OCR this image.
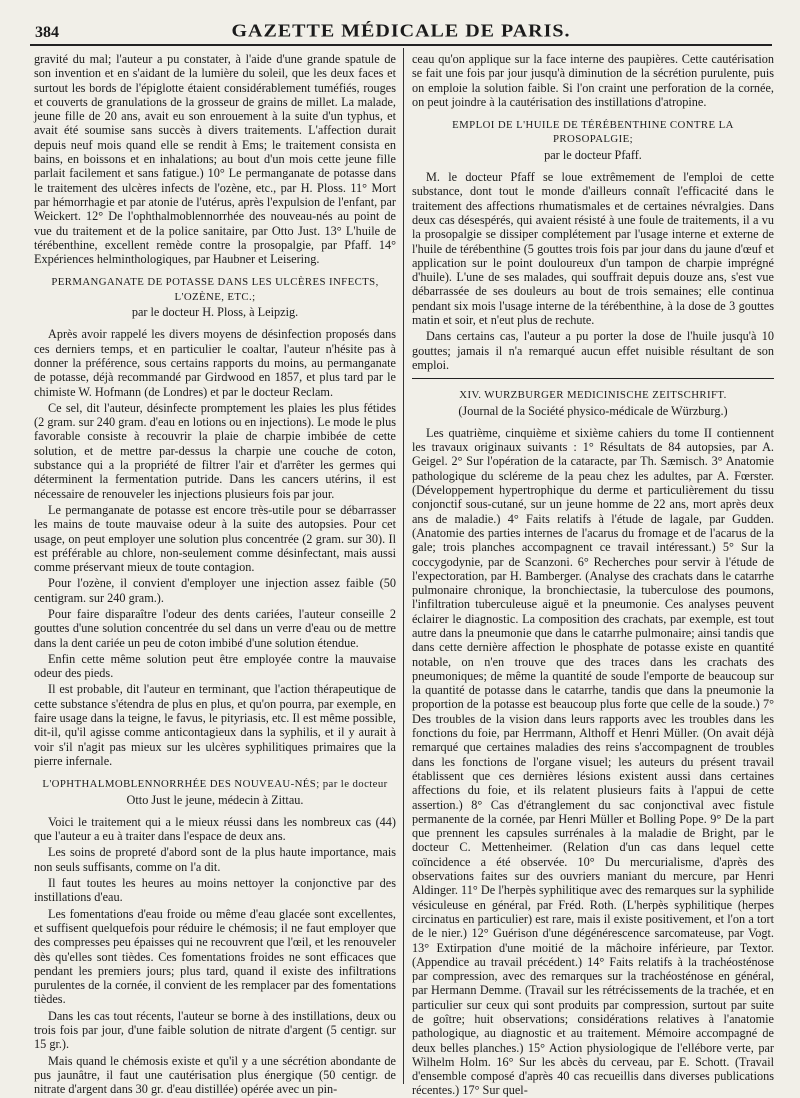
384	GAZETTE MÉDICALE DE PARIS.

gravité du mal; l'auteur a pu constater, à l'aide d'une grande spatule de son invention et en s'aidant de la lumière du soleil, que les deux faces et surtout les bords de l'épiglotte étaient considérablement tuméfiés, rouges et couverts de granulations de la grosseur de grains de millet. La malade, jeune fille de 20 ans, avait eu son enrouement à la suite d'un typhus, et avait été soumise sans succès à divers traitements. L'affection durait depuis neuf mois quand elle se rendit à Ems; le traitement consista en bains, en boissons et en inhalations; au bout d'un mois cette jeune fille parlait facilement et sans fatigue.) 10° Le permanganate de potasse dans le traitement des ulcères infects de l'ozène, etc., par H. Ploss. 11° Mort par hémorrhagie et par atonie de l'utérus, après l'expulsion de l'enfant, par Weickert. 12° De l'ophthalmoblennorrhée des nouveau-nés au point de vue du traitement et de la police sanitaire, par Otto Just. 13° L'huile de térébenthine, excellent remède contre la prosopalgie, par Pfaff. 14° Expériences helminthologiques, par Haubner et Leisering.

PERMANGANATE DE POTASSE DANS LES ULCÈRES INFECTS, L'OZÈNE, ETC.;
par le docteur H. Ploss, à Leipzig.

Après avoir rappelé les divers moyens de désinfection proposés dans ces derniers temps, et en particulier le coaltar, l'auteur n'hésite pas à donner la préférence, sous certains rapports du moins, au permanganate de potasse, déjà recommandé par Girdwood en 1857, et plus tard par le chimiste W. Hofmann (de Londres) et par le docteur Reclam.

Ce sel, dit l'auteur, désinfecte promptement les plaies les plus fétides (2 gram. sur 240 gram. d'eau en lotions ou en injections). Le mode le plus favorable consiste à recouvrir la plaie de charpie imbibée de cette solution, et de mettre par-dessus la charpie une couche de coton, substance qui a la propriété de filtrer l'air et d'arrêter les germes qui déterminent la fermentation putride. Dans les cancers utérins, il est nécessaire de renouveler les injections plusieurs fois par jour.

Le permanganate de potasse est encore très-utile pour se débarrasser les mains de toute mauvaise odeur à la suite des autopsies. Pour cet usage, on peut employer une solution plus concentrée (2 gram. sur 30). Il est préférable au chlore, non-seulement comme désinfectant, mais aussi comme préservant mieux de toute contagion.

Pour l'ozène, il convient d'employer une injection assez faible (50 centigram. sur 240 gram.).

Pour faire disparaître l'odeur des dents cariées, l'auteur conseille 2 gouttes d'une solution concentrée du sel dans un verre d'eau ou de mettre dans la dent cariée un peu de coton imbibé d'une solution étendue.

Enfin cette même solution peut être employée contre la mauvaise odeur des pieds.

Il est probable, dit l'auteur en terminant, que l'action thérapeutique de cette substance s'étendra de plus en plus, et qu'on pourra, par exemple, en faire usage dans la teigne, le favus, le pityriasis, etc. Il est même possible, dit-il, qu'il agisse comme anticontagieux dans la syphilis, et il y aurait à voir s'il n'agit pas mieux sur les ulcères syphilitiques primaires que la pierre infernale.

L'OPHTHALMOBLENNORRHÉE DES NOUVEAU-NÉS; par le docteur
Otto Just le jeune, médecin à Zittau.

Voici le traitement qui a le mieux réussi dans les nombreux cas (44) que l'auteur a eu à traiter dans l'espace de deux ans.

Les soins de propreté d'abord sont de la plus haute importance, mais non seuls suffisants, comme on l'a dit.

Il faut toutes les heures au moins nettoyer la conjonctive par des instillations d'eau.

Les fomentations d'eau froide ou même d'eau glacée sont excellentes, et suffisent quelquefois pour réduire le chémosis; il ne faut employer que des compresses peu épaisses qui ne recouvrent que l'œil, et les renouveler dès qu'elles sont tièdes. Ces fomentations froides ne sont efficaces que pendant les premiers jours; plus tard, quand il existe des infiltrations purulentes de la cornée, il convient de les remplacer par des fomentations tièdes.

Dans les cas tout récents, l'auteur se borne à des instillations, deux ou trois fois par jour, d'une faible solution de nitrate d'argent (5 centigr. sur 15 gr.).

Mais quand le chémosis existe et qu'il y a une sécrétion abondante de pus jaunâtre, il faut une cautérisation plus énergique (50 centigr. de nitrate d'argent dans 30 gr. d'eau distillée) opérée avec un pin-

ceau qu'on applique sur la face interne des paupières. Cette cautérisation se fait une fois par jour jusqu'à diminution de la sécrétion purulente, puis on emploie la solution faible. Si l'on craint une perforation de la cornée, on peut joindre à la cautérisation des instillations d'atropine.

EMPLOI DE L'HUILE DE TÉRÉBENTHINE CONTRE LA PROSOPALGIE;
par le docteur Pfaff.

M. le docteur Pfaff se loue extrêmement de l'emploi de cette substance, dont tout le monde d'ailleurs connaît l'efficacité dans le traitement des affections rhumatismales et de certaines névralgies. Dans deux cas désespérés, qui avaient résisté à une foule de traitements, il a vu la prosopalgie se dissiper complétement par l'usage interne et externe de l'huile de térébenthine (5 gouttes trois fois par jour dans du jaune d'œuf et application sur le point douloureux d'un tampon de charpie imprégné d'huile). L'une de ses malades, qui souffrait depuis douze ans, s'est vue débarrassée de ses douleurs au bout de trois semaines; elle continua pendant six mois l'usage interne de la térébenthine, à la dose de 3 gouttes matin et soir, et n'eut plus de rechute.

Dans certains cas, l'auteur a pu porter la dose de l'huile jusqu'à 10 gouttes; jamais il n'a remarqué aucun effet nuisible résultant de son emploi.

XIV. WURZBURGER MEDICINISCHE ZEITSCHRIFT.
(Journal de la Société physico-médicale de Würzburg.)

Les quatrième, cinquième et sixième cahiers du tome II contiennent les travaux originaux suivants : 1° Résultats de 84 autopsies, par A. Geigel. 2° Sur l'opération de la cataracte, par Th. Sæmisch. 3° Anatomie pathologique du scléreme de la peau chez les adultes, par A. Fœrster. (Développement hypertrophique du derme et particulièrement du tissu conjonctif sous-cutané, sur un jeune homme de 22 ans, mort après deux ans de maladie.) 4° Faits relatifs à l'étude de lagale, par Gudden. (Anatomie des parties internes de l'acarus du fromage et de l'acarus de la gale; trois planches accompagnent ce travail intéressant.) 5° Sur la coccygodynie, par de Scanzoni. 6° Recherches pour servir à l'étude de l'expectoration, par H. Bamberger. (Analyse des crachats dans le catarrhe pulmonaire chronique, la bronchiectasie, la tuberculose des poumons, l'infiltration tuberculeuse aiguë et la pneumonie. Ces analyses peuvent éclairer le diagnostic. La composition des crachats, par exemple, est tout autre dans la pneumonie que dans le catarrhe pulmonaire; ainsi tandis que dans cette dernière affection le phosphate de potasse existe en quantité notable, on n'en trouve que des traces dans les crachats des pneumoniques; de même la quantité de soude l'emporte de beaucoup sur la quantité de potasse dans le catarrhe, tandis que dans la pneumonie la proportion de la potasse est beaucoup plus forte que celle de la soude.) 7° Des troubles de la vision dans leurs rapports avec les troubles dans les fonctions du foie, par Herrmann, Althoff et Henri Müller. (On avait déjà remarqué que certaines maladies des reins s'accompagnent de troubles dans les fonctions de l'organe visuel; les auteurs du présent travail établissent que ces dernières lésions existent aussi dans certaines affections du foie, et ils relatent plusieurs faits à l'appui de cette assertion.) 8° Cas d'étranglement du sac conjonctival avec fistule permanente de la cornée, par Henri Müller et Bolling Pope. 9° De la part que prennent les capsules surrénales à la maladie de Bright, par le docteur C. Mettenheimer. (Relation d'un cas dans lequel cette coïncidence a été observée. 10° Du mercurialisme, d'après des observations faites sur des ouvriers maniant du mercure, par Henri Aldinger. 11° De l'herpès syphilitique avec des remarques sur la syphilide vésiculeuse en général, par Fréd. Roth. (L'herpès syphilitique (herpes circinatus en particulier) est rare, mais il existe positivement, et l'on a tort de le nier.) 12° Guérison d'une dégénérescence sarcomateuse, par Vogt. 13° Extirpation d'une moitié de la mâchoire inférieure, par Textor. (Appendice au travail précédent.) 14° Faits relatifs à la trachéosténose par compression, avec des remarques sur la trachéosténose en général, par Hermann Demme. (Travail sur les rétrécissements de la trachée, et en particulier sur ceux qui sont produits par compression, surtout par suite de goître; huit observations; considérations relatives à l'anatomie pathologique, au diagnostic et au traitement. Mémoire accompagné de deux belles planches.) 15° Action physiologique de l'ellébore verte, par Wilhelm Holm. 16° Sur les abcès du cerveau, par E. Schott. (Travail d'ensemble composé d'après 40 cas recueillis dans diverses publications récentes.) 17° Sur quel-
